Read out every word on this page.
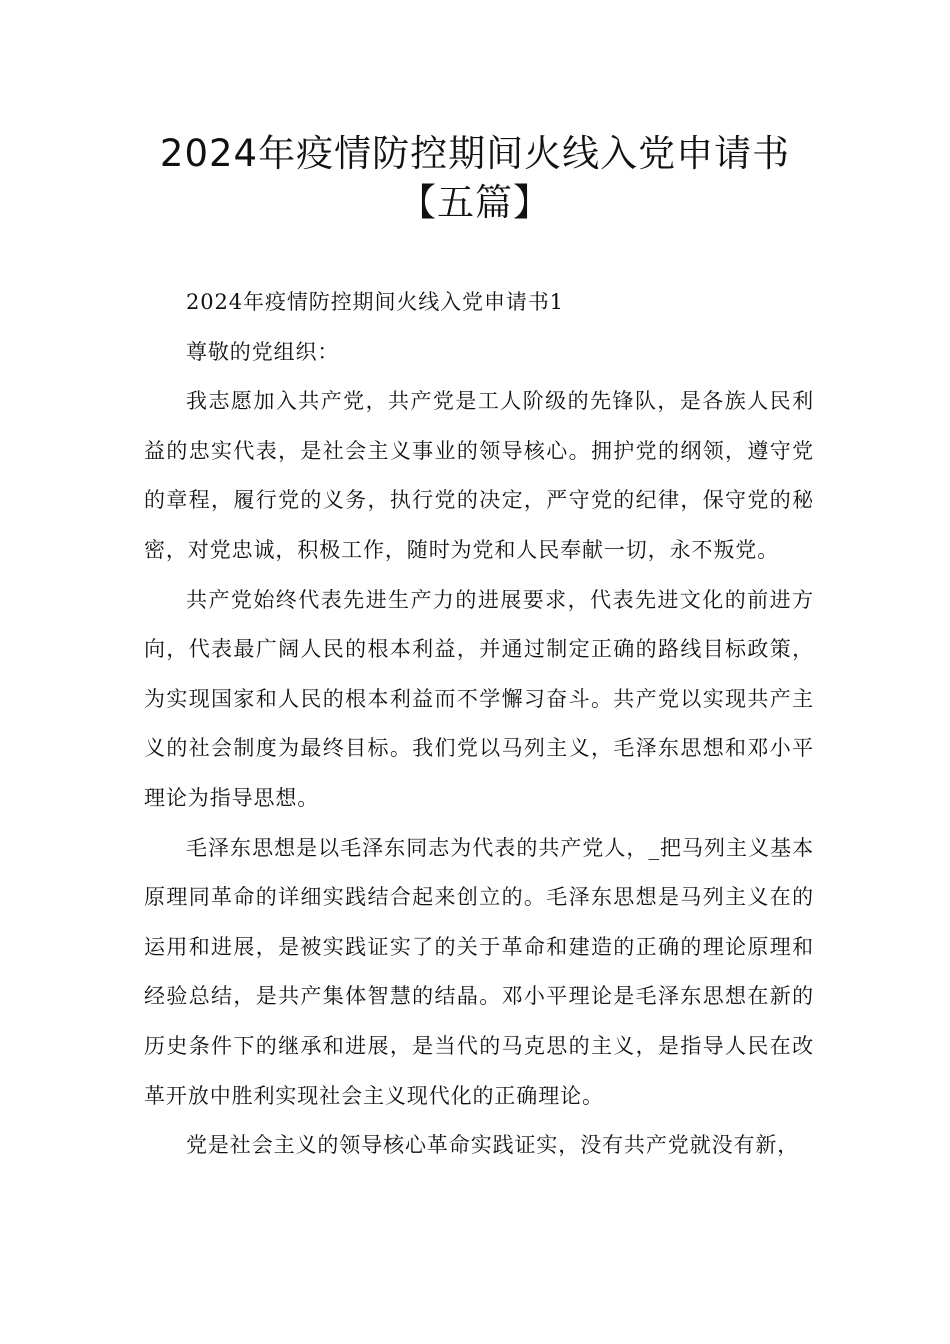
2024年疫情防控期间火线入党申请书
【五篇】

2024年疫情防控期间火线入党申请书1

尊敬的党组织：

我志愿加入共产党，共产党是工人阶级的先锋队，是各族人民利益的忠实代表，是社会主义事业的领导核心。拥护党的纲领，遵守党的章程，履行党的义务，执行党的决定，严守党的纪律，保守党的秘密，对党忠诚，积极工作，随时为党和人民奉献一切，永不叛党。

共产党始终代表先进生产力的进展要求，代表先进文化的前进方向，代表最广阔人民的根本利益，并通过制定正确的路线目标政策，为实现国家和人民的根本利益而不学懈习奋斗。共产党以实现共产主义的社会制度为最终目标。我们党以马列主义，毛泽东思想和邓小平理论为指导思想。

毛泽东思想是以毛泽东同志为代表的共产党人，_把马列主义基本原理同革命的详细实践结合起来创立的。毛泽东思想是马列主义在的运用和进展，是被实践证实了的关于革命和建造的正确的理论原理和经验总结，是共产集体智慧的结晶。邓小平理论是毛泽东思想在新的历史条件下的继承和进展，是当代的马克思的主义，是指导人民在改革开放中胜利实现社会主义现代化的正确理论。

党是社会主义的领导核心革命实践证实，没有共产党就没有新，
